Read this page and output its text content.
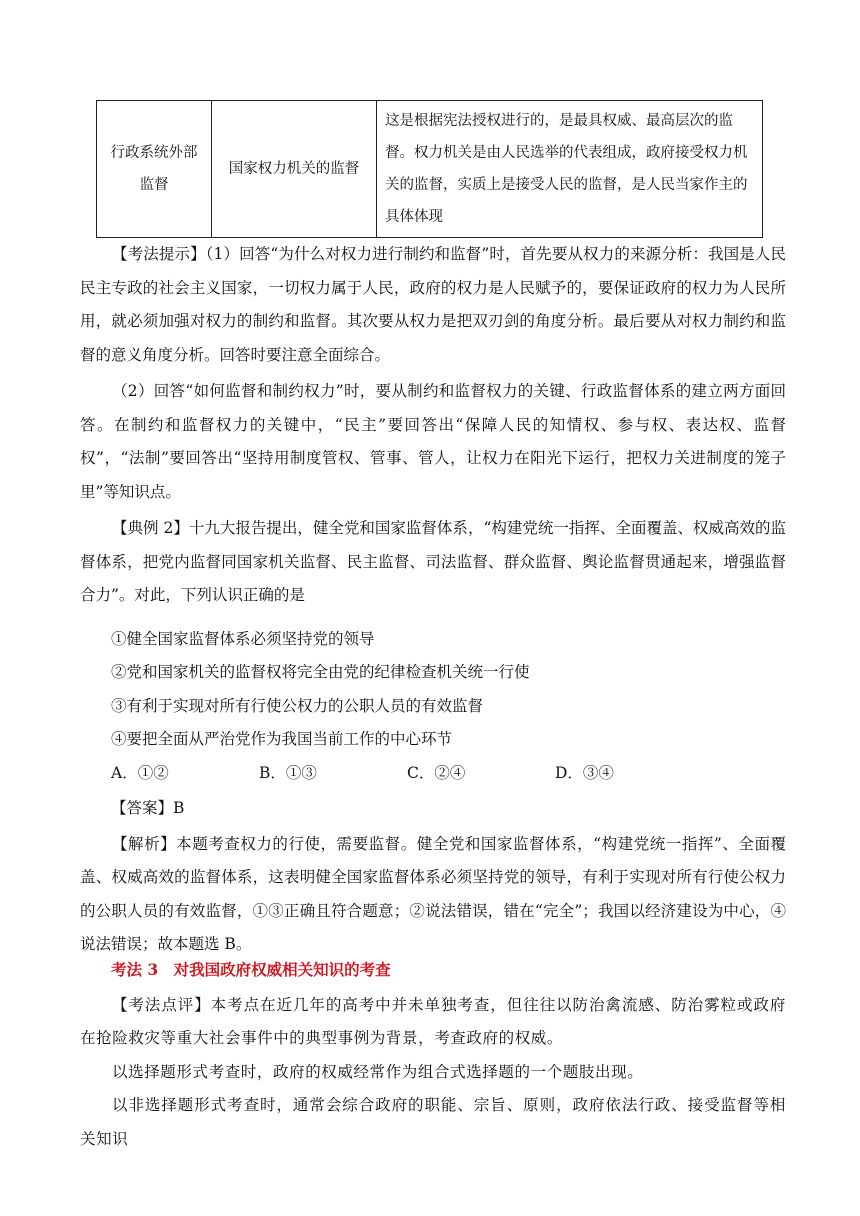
行政系统外部监督	国家权力机关的监督	这是根据宪法授权进行的，是最具权威、最高层次的监督。权力机关是由人民选举的代表组成，政府接受权力机关的监督，实质上是接受人民的监督，是人民当家作主的具体体现

【考法提示】（1）回答“为什么对权力进行制约和监督”时，首先要从权力的来源分析：我国是人民民主专政的社会主义国家，一切权力属于人民，政府的权力是人民赋予的，要保证政府的权力为人民所用，就必须加强对权力的制约和监督。其次要从权力是把双刃剑的角度分析。最后要从对权力制约和监督的意义角度分析。回答时要注意全面综合。

（2）回答“如何监督和制约权力”时，要从制约和监督权力的关键、行政监督体系的建立两方面回答。在制约和监督权力的关键中，“民主”要回答出“保障人民的知情权、参与权、表达权、监督权”，“法制”要回答出“坚持用制度管权、管事、管人，让权力在阳光下运行，把权力关进制度的笼子里”等知识点。

【典例 2】十九大报告提出，健全党和国家监督体系，“构建党统一指挥、全面覆盖、权威高效的监督体系，把党内监督同国家机关监督、民主监督、司法监督、群众监督、舆论监督贯通起来，增强监督合力”。对此，下列认识正确的是

①健全国家监督体系必须坚持党的领导
②党和国家机关的监督权将完全由党的纪律检查机关统一行使
③有利于实现对所有行使公权力的公职人员的有效监督
④要把全面从严治党作为我国当前工作的中心环节
A．①②	B．①③	C．②④	D．③④
【答案】B

【解析】本题考查权力的行使，需要监督。健全党和国家监督体系，“构建党统一指挥”、全面覆盖、权威高效的监督体系，这表明健全国家监督体系必须坚持党的领导，有利于实现对所有行使公权力的公职人员的有效监督，①③正确且符合题意；②说法错误，错在“完全”；我国以经济建设为中心，④说法错误；故本题选 B。

考法 3　对我国政府权威相关知识的考查

【考法点评】本考点在近几年的高考中并未单独考查，但往往以防治禽流感、防治雾粒或政府在抢险救灾等重大社会事件中的典型事例为背景，考查政府的权威。

以选择题形式考查时，政府的权威经常作为组合式选择题的一个题肢出现。

以非选择题形式考查时，通常会综合政府的职能、宗旨、原则，政府依法行政、接受监督等相关知识
